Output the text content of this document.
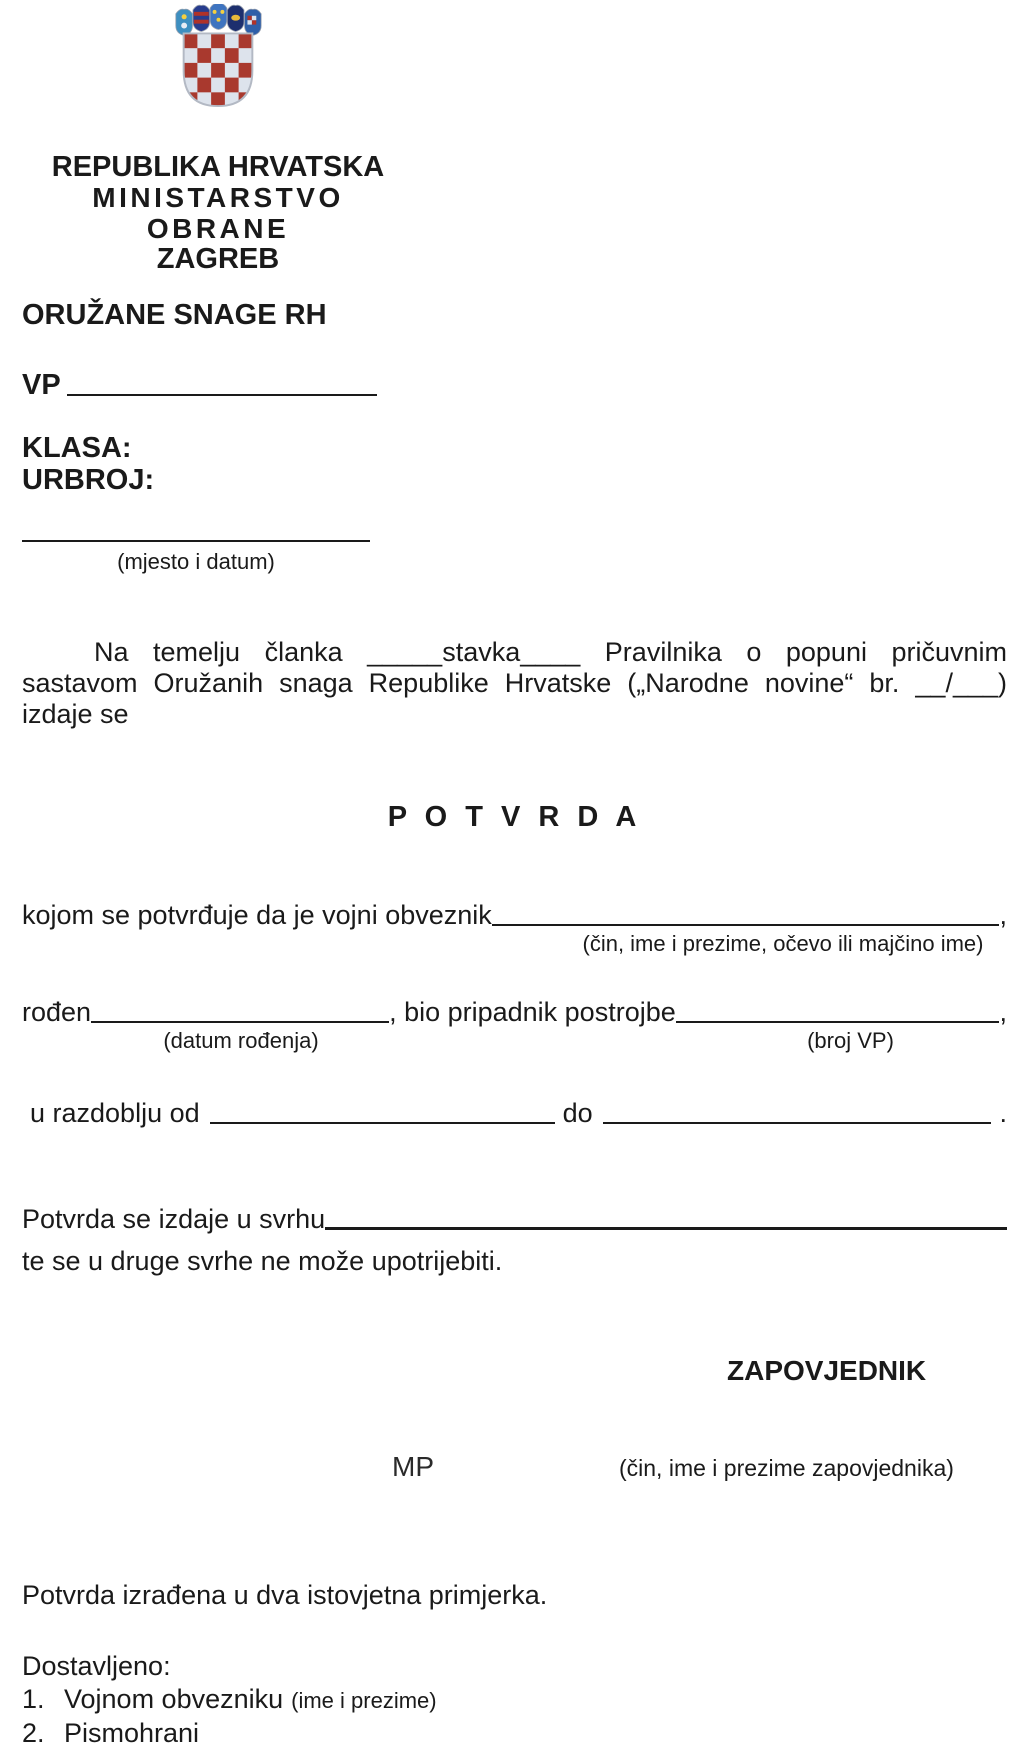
REPUBLIKA HRVATSKA
MINISTARSTVO OBRANE
ZAGREB
ORUŽANE SNAGE RH
VP
KLASA:
URBROJ:
(mjesto i datum)

Na temelju članka _____stavka____ Pravilnika o popuni pričuvnim sastavom Oružanih snaga Republike Hrvatske („Narodne novine“ br. __/___) izdaje se

P O T V R D A
kojom se potvrđuje da je vojni obveznik	,
(čin, ime i prezime, očevo ili majčino ime)
rođen	, bio pripadnik postrojbe	,
(datum rođenja)	(broj VP)
u razdoblju od	do	.
Potvrda se izdaje u svrhu
te se u druge svrhe ne može upotrijebiti.
ZAPOVJEDNIK
MP	(čin, ime i prezime zapovjednika)
Potvrda izrađena u dva istovjetna primjerka.
Dostavljeno:
1. Vojnom obvezniku (ime i prezime)
2. Pismohrani
